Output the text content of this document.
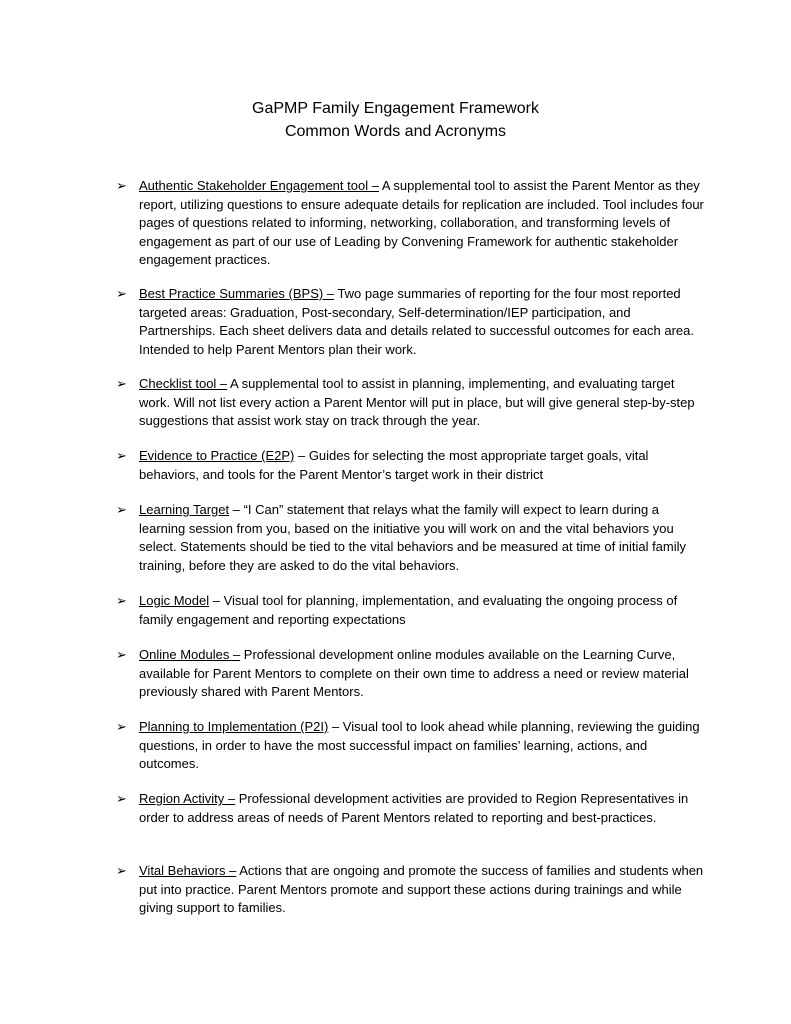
GaPMP Family Engagement Framework
Common Words and Acronyms
➢ Authentic Stakeholder Engagement tool – A supplemental tool to assist the Parent Mentor as they report, utilizing questions to ensure adequate details for replication are included. Tool includes four pages of questions related to informing, networking, collaboration, and transforming levels of engagement as part of our use of Leading by Convening Framework for authentic stakeholder engagement practices.
➢ Best Practice Summaries (BPS) – Two page summaries of reporting for the four most reported targeted areas: Graduation, Post-secondary, Self-determination/IEP participation, and Partnerships. Each sheet delivers data and details related to successful outcomes for each area. Intended to help Parent Mentors plan their work.
➢ Checklist tool – A supplemental tool to assist in planning, implementing, and evaluating target work. Will not list every action a Parent Mentor will put in place, but will give general step-by-step suggestions that assist work stay on track through the year.
➢ Evidence to Practice (E2P) – Guides for selecting the most appropriate target goals, vital behaviors, and tools for the Parent Mentor’s target work in their district
➢ Learning Target – “I Can” statement that relays what the family will expect to learn during a learning session from you, based on the initiative you will work on and the vital behaviors you select. Statements should be tied to the vital behaviors and be measured at time of initial family training, before they are asked to do the vital behaviors.
➢ Logic Model – Visual tool for planning, implementation, and evaluating the ongoing process of family engagement and reporting expectations
➢ Online Modules – Professional development online modules available on the Learning Curve, available for Parent Mentors to complete on their own time to address a need or review material previously shared with Parent Mentors.
➢ Planning to Implementation (P2I) – Visual tool to look ahead while planning, reviewing the guiding questions, in order to have the most successful impact on families’ learning, actions, and outcomes.
➢ Region Activity – Professional development activities are provided to Region Representatives in order to address areas of needs of Parent Mentors related to reporting and best-practices.
➢ Vital Behaviors – Actions that are ongoing and promote the success of families and students when put into practice. Parent Mentors promote and support these actions during trainings and while giving support to families.
